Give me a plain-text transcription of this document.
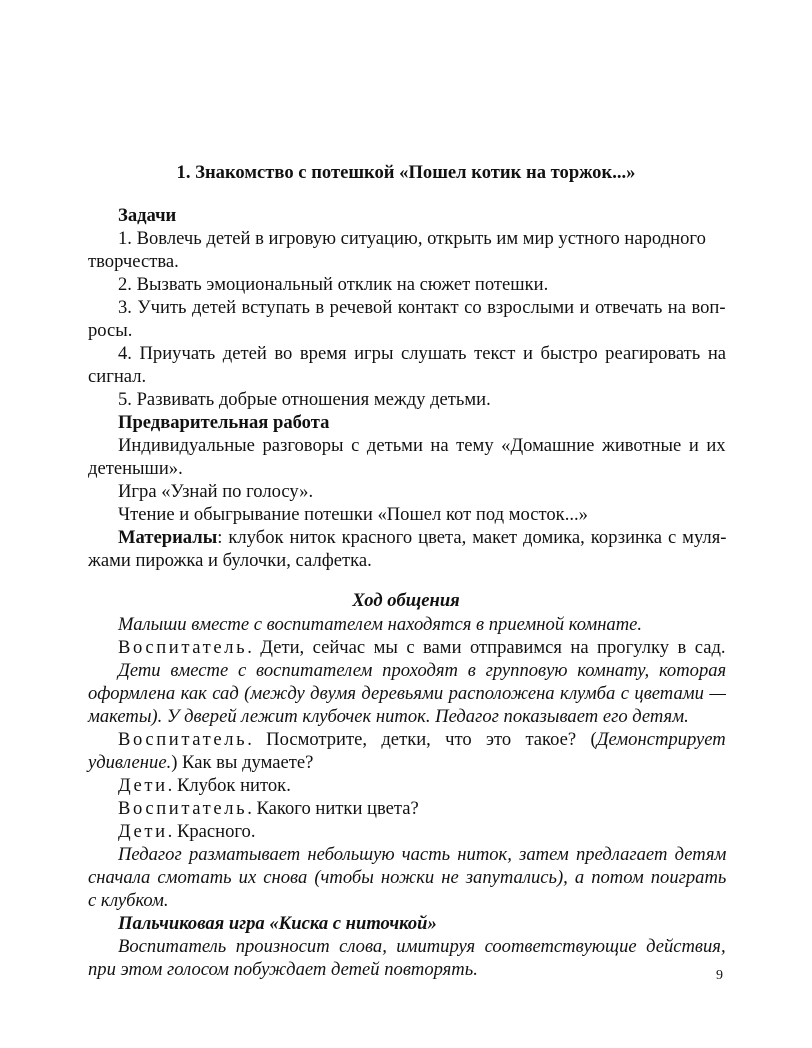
1. Знакомство с потешкой «Пошел котик на торжок...»
Задачи
1. Вовлечь детей в игровую ситуацию, открыть им мир устного народного
творчества.
2. Вызвать эмоциональный отклик на сюжет потешки.
3. Учить детей вступать в речевой контакт со взрослыми и отвечать на воп-
росы.
4. Приучать детей во время игры слушать текст и быстро реагировать на
сигнал.
5. Развивать добрые отношения между детьми.
Предварительная работа
Индивидуальные разговоры с детьми на тему «Домашние животные и их
детеныши».
Игра «Узнай по голосу».
Чтение и обыгрывание потешки «Пошел кот под мосток...»
Материалы: клубок ниток красного цвета, макет домика, корзинка с муля-
жами пирожка и булочки, салфетка.
Ход общения
Малыши вместе с воспитателем находятся в приемной комнате.
Воспитатель. Дети, сейчас мы с вами отправимся на прогулку в сад.
Дети вместе с воспитателем проходят в групповую комнату, которая
оформлена как сад (между двумя деревьями расположена клумба с цветами —
макеты). У дверей лежит клубочек ниток. Педагог показывает его детям.
Воспитатель. Посмотрите, детки, что это такое? (Демонстрирует
удивление.) Как вы думаете?
Дети. Клубок ниток.
Воспитатель. Какого нитки цвета?
Дети. Красного.
Педагог разматывает небольшую часть ниток, затем предлагает детям
сначала смотать их снова (чтобы ножки не запутались), а потом поиграть
с клубком.
Пальчиковая игра «Киска с ниточкой»
Воспитатель произносит слова, имитируя соответствующие действия,
при этом голосом побуждает детей повторять.	9
